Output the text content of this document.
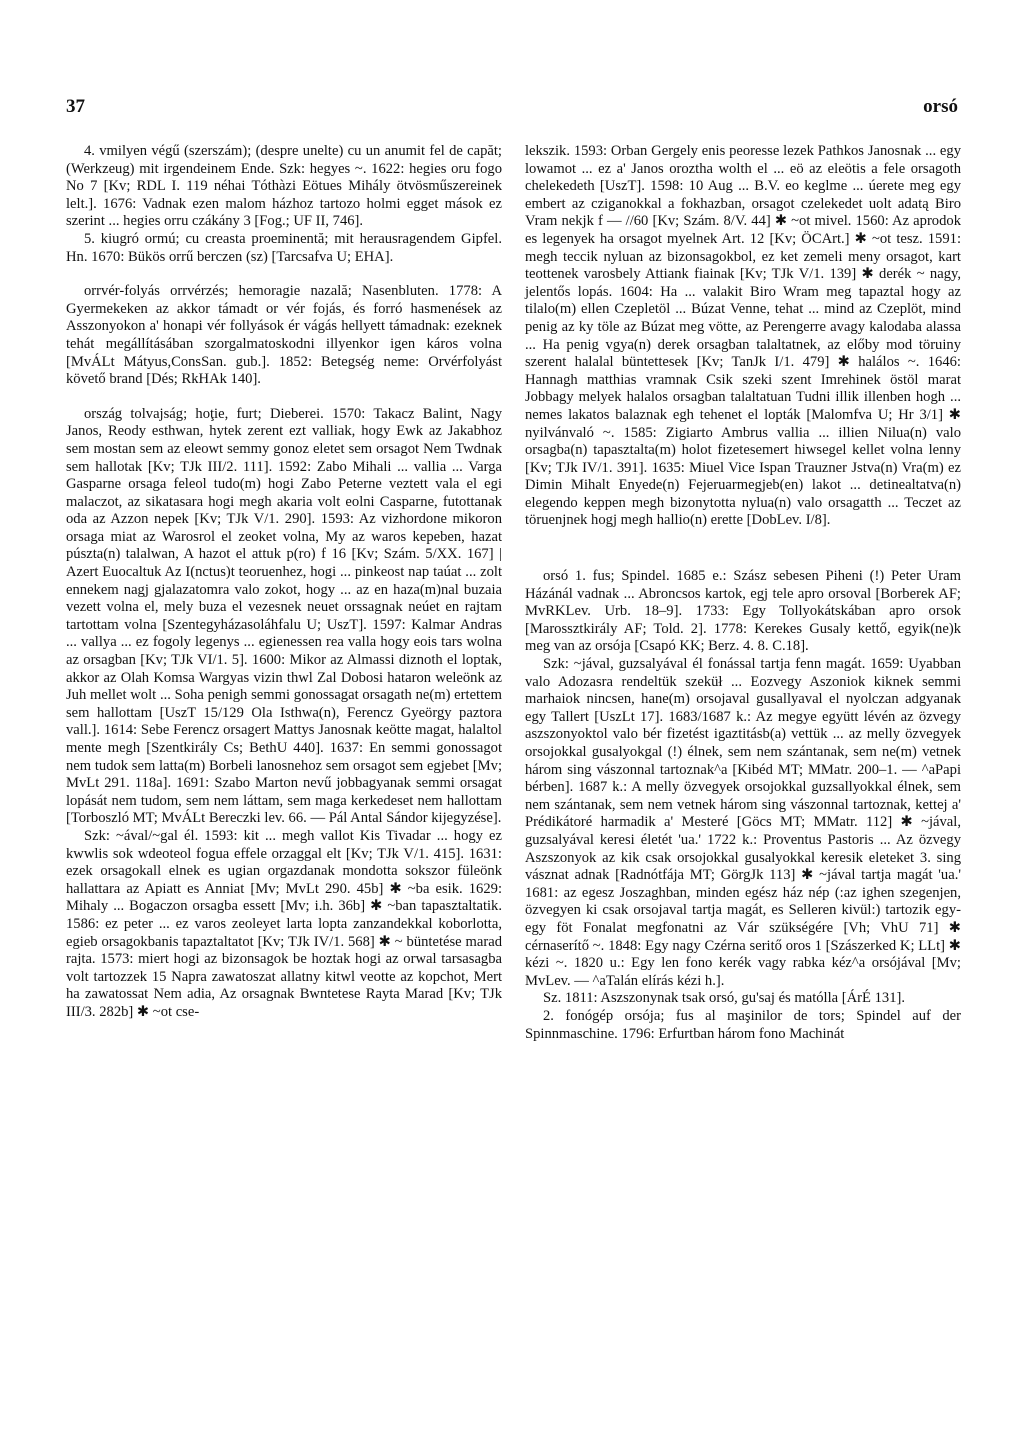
37	orsó

4. vmilyen végű (szerszám); (despre unelte) cu un anumit fel de capăt; (Werkzeug) mit irgendeinem Ende. Szk: hegyes ~. 1622: hegies oru fogo No 7 [Kv; RDL I. 119 néhai Tóthàzi Eötues Mihály ötvösműszereinek lelt.]. 1676: Vadnak ezen malom házhoz tartozo holmi egget mások ez szerint ... hegies orru czákány 3 [Fog.; UF II, 746].

5. kiugró ormú; cu creasta proeminentă; mit herausragendem Gipfel. Hn. 1670: Bükös orrű berczen (sz) [Tarcsafva U; EHA].

orrvér-folyás orrvérzés; hemoragie nazală; Nasenbluten. 1778: A Gyermekeken az akkor támadt or vér fojás, és forró hasmenések az Asszonyokon a' honapi vér follyások ér vágás hellyett támadnak: ezeknek tehát megállításában szorgalmatoskodni illyenkor igen káros volna [MvÁLt Mátyus,ConsSan. gub.]. 1852: Betegség neme: Orvérfolyást követő brand [Dés; RkHAk 140].

ország tolvajság; hoţie, furt; Dieberei. 1570: Takacz Balint, Nagy Janos, Reody esthwan, hytek zerent ezt valliak, hogy Ewk az Jakabhoz sem mostan sem az eleowt semmy gonoz eletet sem orsagot Nem Twdnak sem hallotak [Kv; TJk III/2. 111]. 1592: Zabo Mihali ... vallia ... Varga Gasparne orsaga feleol tudo(m) hogi Zabo Peterne veztett vala el egi malaczot, az sikatasara hogi megh akaria volt eolni Casparne, futottanak oda az Azzon nepek [Kv; TJk V/1. 290]. 1593: Az vizhordone mikoron orsaga miat az Warosrol el zeoket volna, My az waros kepeben, hazat púszta(n) talalwan, A hazot el attuk p(ro) f 16 [Kv; Szám. 5/XX. 167] | Azert Euocaltuk Az I(nctus)t teoruenhez, hogi ... pinkeost nap taúat ... zolt ennekem nagj gjalazatomra valo zokot, hogy ... az en haza(m)nal buzaia vezett volna el, mely buza el vezesnek neuet orssagnak neúet en rajtam tartottam volna [Szentegyházasoláhfalu U; UszT]. 1597: Kalmar Andras ... vallya ... ez fogoly legenys ... egienessen rea valla hogy eois tars wolna az orsagban [Kv; TJk VI/1. 5]. 1600: Mikor az Almassi diznoth el loptak, akkor az Olah Komsa Wargyas vizin thwl Zal Dobosi hataron weleönk az Juh mellet wolt ... Soha penigh semmi gonossagat orsagath ne(m) ertettem sem hallottam [UszT 15/129 Ola Isthwa(n), Ferencz Gyeörgy paztora vall.]. 1614: Sebe Ferencz orsagert Mattys Janosnak keötte magat, halaltol mente megh [Szentkirály Cs; BethU 440]. 1637: En semmi gonossagot nem tudok sem latta(m) Borbeli lanosnehoz sem orsagot sem egjebet [Mv; MvLt 291. 118a]. 1691: Szabo Marton nevű jobbagyanak semmi orsagat lopását nem tudom, sem nem láttam, sem maga kerkedeset nem hallottam [Torboszló MT; MvÁLt Bereczki lev. 66. — Pál Antal Sándor kijegyzése].

Szk: ~ával/~gal él. 1593: kit ... megh vallot Kis Tivadar ... hogy ez kwwlis sok wdeoteol fogua effele orzaggal elt [Kv; TJk V/1. 415]. 1631: ezek orsagokall elnek es ugian orgazdanak mondotta sokszor füleönk hallattara az Apiatt es Anniat [Mv; MvLt 290. 45b] ✱ ~ba esik. 1629: Mihaly ... Bogaczon orsagba essett [Mv; i.h. 36b] ✱ ~ban tapasztaltatik. 1586: ez peter ... ez varos zeoleyet larta lopta zanzandekkal koborlotta, egieb orsagokbanis tapaztaltatot [Kv; TJk IV/1. 568] ✱ ~ büntetése marad rajta. 1573: miert hogi az bizonsagok be hoztak hogi az orwal tarsasagba volt tartozzek 15 Napra zawatoszat allatny kitwl veotte az kopchot, Mert ha zawatossat Nem adia, Az orsagnak Bwntetese Rayta Marad [Kv; TJk III/3. 282b] ✱ ~ot cse-

lekszik. 1593: Orban Gergely enis peoresse lezek Pathkos Janosnak ... egy lowamot ... ez a' Janos oroztha wolth el ... eö az eleötis a fele orsagoth chelekedeth [UszT]. 1598: 10 Aug ... B.V. eo keglme ... úerete meg egy embert az cziganokkal a fokhazban, orsagot czelekedet uolt adatą Biro Vram nekjk f — //60 [Kv; Szám. 8/V. 44] ✱ ~ot mivel. 1560: Az aprodok es legenyek ha orsagot myelnek Art. 12 [Kv; ÖCArt.] ✱ ~ot tesz. 1591: megh teccik nyluan az bizonsagokbol, ez ket zemeli meny orsagot, kart teottenek varosbely Attiank fiainak [Kv; TJk V/1. 139] ✱ derék ~ nagy, jelentős lopás. 1604: Ha ... valakit Biro Wram meg tapaztal hogy az tilalo(m) ellen Czepletöl ... Búzat Venne, tehat ... mind az Czeplöt, mind penig az ky töle az Búzat meg vötte, az Perengerre avagy kalodaba alassa ... Ha penig vgya(n) derek orsagban talaltatnek, az előby mod töruiny szerent halalal büntettesek [Kv; TanJk I/1. 479] ✱ halálos ~. 1646: Hannagh matthias vramnak Csik szeki szent Imrehinek östöl marat Jobbagy melyek halalos orsagban talaltatuan Tudni illik illenben hogh ... nemes lakatos balaznak egh tehenet el lopták [Malomfva U; Hr 3/1] ✱ nyilvánvaló ~. 1585: Zigiarto Ambrus vallia ... illien Nilua(n) valo orsagba(n) tapasztalta(m) holot fizetesemert hiwsegel kellet volna lenny [Kv; TJk IV/1. 391]. 1635: Miuel Vice Ispan Trauzner Jstva(n) Vra(m) ez Dimin Mihalt Enyede(n) Fejeruarmegjeb(en) lakot ... detinealtatva(n) elegendo keppen megh bizonytotta nylua(n) valo orsagatth ... Teczet az töruenjnek hogj megh hallio(n) erette [DobLev. I/8].

orsó 1. fus; Spindel. 1685 e.: Szász sebesen Piheni (!) Peter Uram Házánál vadnak ... Abroncsos kartok, egj tele apro orsoval [Borberek AF; MvRKLev. Urb. 18–9]. 1733: Egy Tollyokátskában apro orsok [Marossztkirály AF; Told. 2]. 1778: Kerekes Gusaly kettő, egyik(ne)k meg van az orsója [Csapó KK; Berz. 4. 8. C.18].

Szk: ~jával, guzsalyával él fonással tartja fenn magát. 1659: Uyabban valo Adozasra rendeltük szeküł ... Eozvegy Aszoniok kiknek semmi marhaiok nincsen, hane(m) orsojaval gusallyaval el nyolczan adgyanak egy Tallert [UszLt 17]. 1683/1687 k.: Az megye együtt lévén az özvegy aszszonyoktol valo bér fizetést igaztitásb(a) vettük ... az melly özvegyek orsojokkal gusalyokgal (!) élnek, sem nem szántanak, sem ne(m) vetnek három sing vászonnal tartoznak^a [Kibéd MT; MMatr. 200–1. — ^aPapi bérben]. 1687 k.: A melly özvegyek orsojokkal guzsallyokkal élnek, sem nem szántanak, sem nem vetnek három sing vászonnal tartoznak, kettej a' Prédikátoré harmadik a' Mesteré [Göcs MT; MMatr. 112] ✱ ~jával, guzsalyával keresi életét 'ua.' 1722 k.: Proventus Pastoris ... Az özvegy Aszszonyok az kik csak orsojokkal gusalyokkal keresik eleteket 3. sing vásznat adnak [Radnótfája MT; GörgJk 113] ✱ ~jával tartja magát 'ua.' 1681: az egesz Joszaghban, minden egész ház nép (:az ighen szegenjen, özvegyen ki csak orsojaval tartja magát, es Selleren kivül:) tartozik egy-egy föt Fonalat megfonatni az Vár szükségére [Vh; VhU 71] ✱ cérnaserítő ~. 1848: Egy nagy Czérna seritő oros 1 [Szászerked K; LLt] ✱ kézi ~. 1820 u.: Egy len fono kerék vagy rabka kéz^a orsójával [Mv; MvLev. — ^aTalán elírás kézi h.].

Sz. 1811: Aszszonynak tsak orsó, gu'saj és matólla [ÁrÉ 131].

2. fonógép orsója; fus al maşinilor de tors; Spindel auf der Spinnmaschine. 1796: Erfurtban három fono Machinát
